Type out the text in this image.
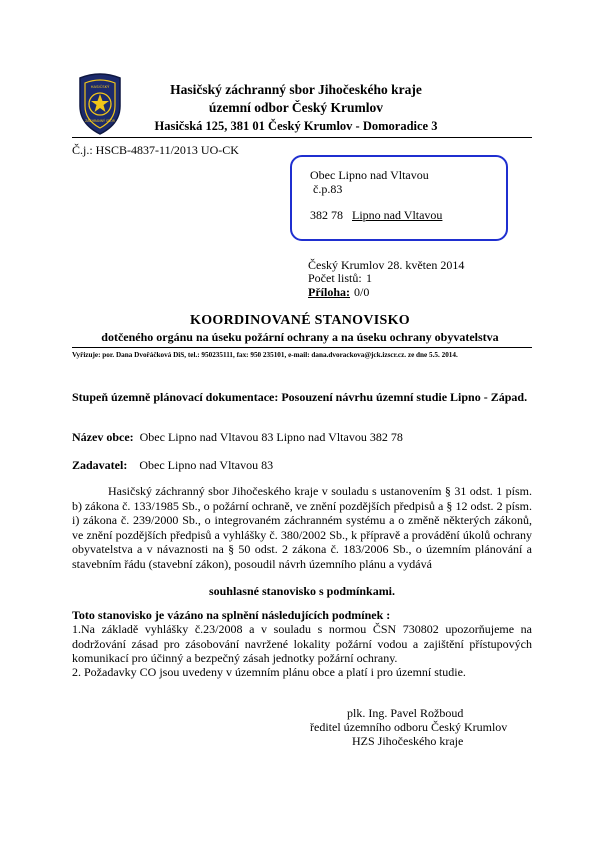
HASIČSKÝ
ZÁCHRANNÝ SBOR
Hasičský záchranný sbor Jihočeského kraje
územní odbor Český Krumlov
Hasičská 125, 381 01 Český Krumlov - Domoradice 3
Č.j.: HSCB-4837-11/2013 UO-CK
Obec Lipno nad Vltavou
č.p.83
382 78 Lipno nad Vltavou
Český Krumlov 28. květen 2014
Počet listů: 1
Příloha: 0/0
KOORDINOVANÉ STANOVISKO
dotčeného orgánu na úseku požární ochrany a na úseku ochrany obyvatelstva
Vyřizuje: por. Dana Dvořáčková DiS, tel.: 950235111, fax: 950 235101, e-mail: dana.dvorackova@jck.izscr.cz. ze dne 5.5. 2014.
Stupeň územně plánovací dokumentace: Posouzení návrhu územní studie Lipno - Západ.
Název obce: Obec Lipno nad Vltavou 83 Lipno nad Vltavou 382 78
Zadavatel: Obec Lipno nad Vltavou 83
Hasičský záchranný sbor Jihočeského kraje v souladu s ustanovením § 31 odst. 1 písm. b) zákona č. 133/1985 Sb., o požární ochraně, ve znění pozdějších předpisů a § 12 odst. 2 písm. i) zákona č. 239/2000 Sb., o integrovaném záchranném systému a o změně některých zákonů, ve znění pozdějších předpisů a vyhlášky č. 380/2002 Sb., k přípravě a provádění úkolů ochrany obyvatelstva a v návaznosti na § 50 odst. 2 zákona č. 183/2006 Sb., o územním plánování a stavebním řádu (stavební zákon), posoudil návrh územního plánu a vydává
souhlasné stanovisko s podmínkami.
Toto stanovisko je vázáno na splnění následujících podmínek :
1.Na základě vyhlášky č.23/2008 a v souladu s normou ČSN 730802 upozorňujeme na dodržování zásad pro zásobování navržené lokality požární vodou a zajištění přístupových komunikací pro účinný a bezpečný zásah jednotky požární ochrany.
2. Požadavky CO jsou uvedeny v územním plánu obce a platí i pro územní studie.
plk. Ing. Pavel Rožboud
ředitel územního odboru Český Krumlov
HZS Jihočeského kraje
